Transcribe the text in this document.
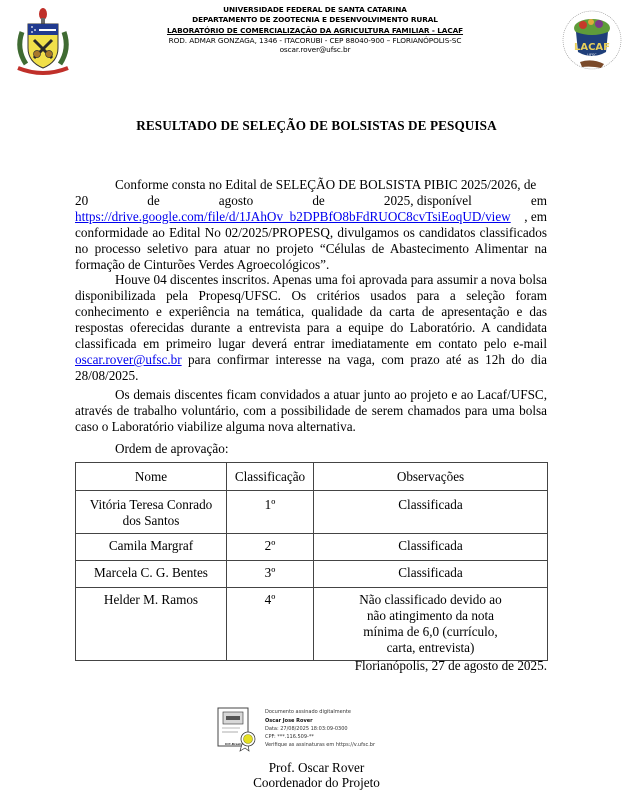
UNIVERSIDADE FEDERAL DE SANTA CATARINA
DEPARTAMENTO DE ZOOTECNIA E DESENVOLVIMENTO RURAL
LABORATÓRIO DE COMERCIALIZAÇÃO DA AGRICULTURA FAMILIAR - LACAF
ROD. ADMAR GONZAGA, 1346 - ITACORUBI - CEP 88040-900 – FLORIANÓPOLIS-SC
oscar.rover@ufsc.br	LACAF
UFSC
RESULTADO DE SELEÇÃO DE BOLSISTAS DE PESQUISA
Conforme consta no Edital de SELEÇÃO DE BOLSISTA PIBIC 2025/2026, de
20	de	agosto	de	2025, disponível	em
https://drive.google.com/file/d/1JAhOv_b2DPBfO8bFdRUOC8cvTsiEoqUD/view , em
conformidade ao Edital No 02/2025/PROPESQ, divulgamos os candidatos classificados no processo seletivo para atuar no projeto “Células de Abastecimento Alimentar na formação de Cinturões Verdes Agroecológicos”.
Houve 04 discentes inscritos. Apenas uma foi aprovada para assumir a nova bolsa disponibilizada pela Propesq/UFSC. Os critérios usados para a seleção foram conhecimento e experiência na temática, qualidade da carta de apresentação e das respostas oferecidas durante a entrevista para a equipe do Laboratório. A candidata classificada em primeiro lugar deverá entrar imediatamente em contato pelo e-mail oscar.rover@ufsc.br para confirmar interesse na vaga, com prazo até as 12h do dia 28/08/2025.
Os demais discentes ficam convidados a atuar junto ao projeto e ao Lacaf/UFSC, através de trabalho voluntário, com a possibilidade de serem chamados para uma bolsa caso o Laboratório viabilize alguma nova alternativa.
Ordem de aprovação:
Nome	Classificação	Observações
Vitória Teresa Conrado dos Santos	1º	Classificada
Camila Margraf	2º	Classificada
Marcela C. G. Bentes	3º	Classificada
Helder M. Ramos	4º	Não classificado devido ao não atingimento da nota mínima de 6,0 (currículo, carta, entrevista)
Florianópolis, 27 de agosto de 2025.
ICP-Brasil
Documento assinado digitalmente
Oscar Jose Rover
Data: 27/08/2025 18:03:09-0300
CPF: ***.116.509-**
Verifique as assinaturas em https://v.ufsc.br
Prof. Oscar Rover
Coordenador do Projeto
